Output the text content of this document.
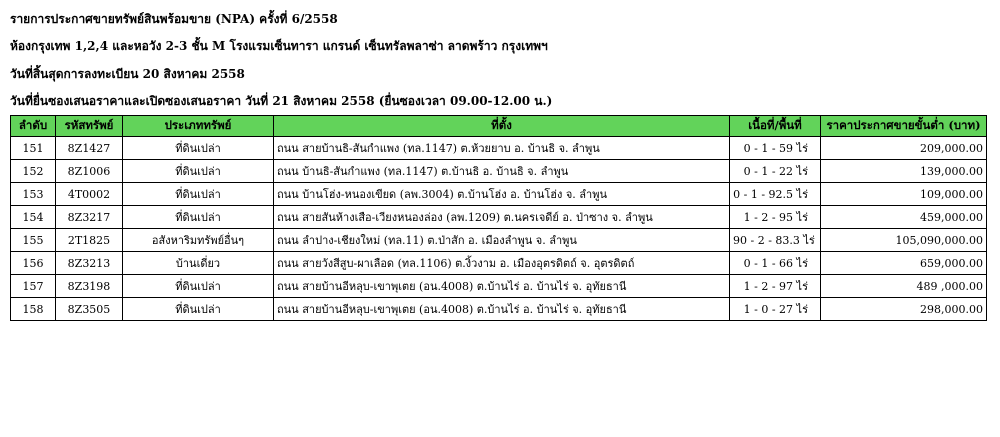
รายการประกาศขายทรัพย์สินพร้อมขาย (NPA) ครั้งที่ 6/2558
ห้องกรุงเทพ 1,2,4 และหอวัง 2-3 ชั้น M โรงแรมเซ็นทารา แกรนด์ เซ็นทรัลพลาซ่า ลาดพร้าว กรุงเทพฯ
วันที่สิ้นสุดการลงทะเบียน 20 สิงหาคม 2558
วันที่ยื่นซองเสนอราคาและเปิดซองเสนอราคา วันที่ 21 สิงหาคม 2558 (ยื่นซองเวลา 09.00-12.00 น.)
ลำดับ	รหัสทรัพย์	ประเภททรัพย์	ที่ตั้ง	เนื้อที่/พื้นที่	ราคาประกาศขายขั้นต่ำ (บาท)
151	8Z1427	ที่ดินเปล่า	ถนน สายบ้านธิ-สันกำแพง (ทล.1147) ต.ห้วยยาบ อ. บ้านธิ จ. ลำพูน	0 - 1 - 59 ไร่	209,000.00
152	8Z1006	ที่ดินเปล่า	ถนน บ้านธิ-สันกำแพง (ทล.1147) ต.บ้านธิ อ. บ้านธิ จ. ลำพูน	0 - 1 - 22 ไร่	139,000.00
153	4T0002	ที่ดินเปล่า	ถนน บ้านโฮ่ง-หนองเขียด (ลพ.3004) ต.บ้านโฮ่ง อ. บ้านโฮ่ง จ. ลำพูน	0 - 1 - 92.5 ไร่	109,000.00
154	8Z3217	ที่ดินเปล่า	ถนน สายสันห้างเสือ-เวียงหนองล่อง (ลพ.1209) ต.นครเจดีย์ อ. ป่าซาง จ. ลำพูน	1 - 2 - 95 ไร่	459,000.00
155	2T1825	อสังหาริมทรัพย์อื่นๆ	ถนน ลำปาง-เชียงใหม่ (ทล.11) ต.ป่าสัก อ. เมืองลำพูน จ. ลำพูน	90 - 2 - 83.3 ไร่	105,090,000.00
156	8Z3213	บ้านเดี่ยว	ถนน สายวังสีสูบ-ผาเลือด (ทล.1106) ต.งิ้วงาม อ. เมืองอุตรดิตถ์ จ. อุตรดิตถ์	0 - 1 - 66 ไร่	659,000.00
157	8Z3198	ที่ดินเปล่า	ถนน สายบ้านอีหลุบ-เขาพุเตย (อน.4008) ต.บ้านไร่ อ. บ้านไร่ จ. อุทัยธานี	1 - 2 - 97 ไร่	489 ,000.00
158	8Z3505	ที่ดินเปล่า	ถนน สายบ้านอีหลุบ-เขาพุเตย (อน.4008) ต.บ้านไร่ อ. บ้านไร่ จ. อุทัยธานี	1 - 0 - 27 ไร่	298,000.00
